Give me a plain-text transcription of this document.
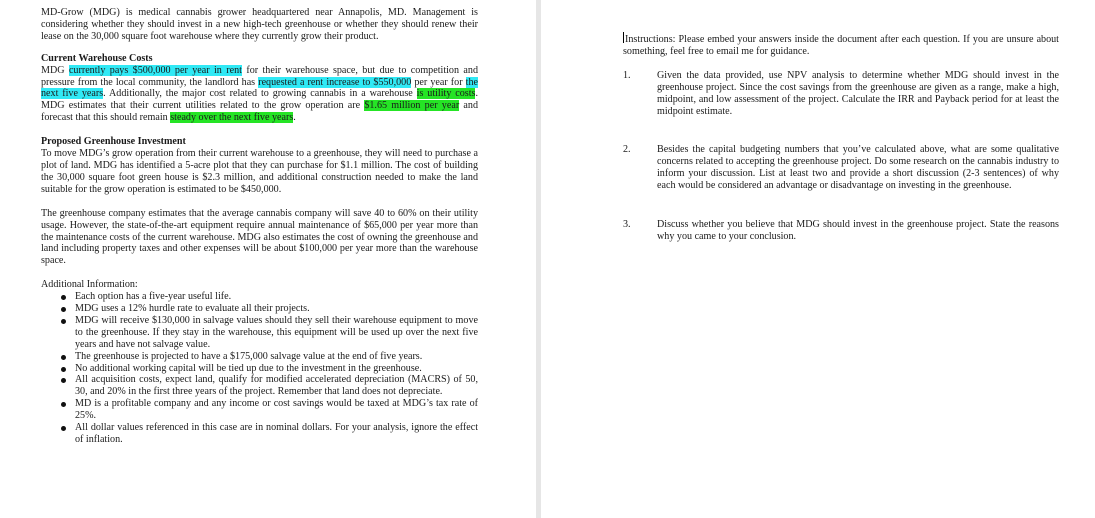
MD-Grow (MDG) is medical cannabis grower headquartered near Annapolis, MD. Management is considering whether they should invest in a new high-tech greenhouse or whether they should renew their lease on the 30,000 square foot warehouse where they currently grow their product.

Current Warehouse Costs

MDG currently pays $500,000 per year in rent for their warehouse space, but due to competition and pressure from the local community, the landlord has requested a rent increase to $550,000 per year for the next five years. Additionally, the major cost related to growing cannabis in a warehouse is utility costs. MDG estimates that their current utilities related to the grow operation are $1.65 million per year and forecast that this should remain steady over the next five years.

Proposed Greenhouse Investment

To move MDG’s grow operation from their current warehouse to a greenhouse, they will need to purchase a plot of land. MDG has identified a 5-acre plot that they can purchase for $1.1 million. The cost of building the 30,000 square foot green house is $2.3 million, and additional construction needed to make the land suitable for the grow operation is estimated to be $450,000.

The greenhouse company estimates that the average cannabis company will save 40 to 60% on their utility usage. However, the state-of-the-art equipment require annual maintenance of $65,000 per year more than the maintenance costs of the current warehouse. MDG also estimates the cost of owning the greenhouse and land including property taxes and other expenses will be about $100,000 per year more than the warehouse space.

Additional Information:

Each option has a five-year useful life.
MDG uses a 12% hurdle rate to evaluate all their projects.
MDG will receive $130,000 in salvage values should they sell their warehouse equipment to move to the greenhouse. If they stay in the warehouse, this equipment will be used up over the next five years and have not salvage value.
The greenhouse is projected to have a $175,000 salvage value at the end of five years.
No additional working capital will be tied up due to the investment in the greenhouse.
All acquisition costs, expect land, qualify for modified accelerated depreciation (MACRS) of 50, 30, and 20% in the first three years of the project. Remember that land does not depreciate.
MD is a profitable company and any income or cost savings would be taxed at MDG’s tax rate of 25%.
All dollar values referenced in this case are in nominal dollars. For your analysis, ignore the effect of inflation.

Instructions: Please embed your answers inside the document after each question. If you are unsure about something, feel free to email me for guidance.

1.	Given the data provided, use NPV analysis to determine whether MDG should invest in the greenhouse project. Since the cost savings from the greenhouse are given as a range, make a high, midpoint, and low assessment of the project. Calculate the IRR and Payback period for at least the midpoint estimate.
2.	Besides the capital budgeting numbers that you’ve calculated above, what are some qualitative concerns related to accepting the greenhouse project. Do some research on the cannabis industry to inform your discussion. List at least two and provide a short discussion (2-3 sentences) of why each would be considered an advantage or disadvantage on investing in the greenhouse.
3.	Discuss whether you believe that MDG should invest in the greenhouse project. State the reasons why you came to your conclusion.
